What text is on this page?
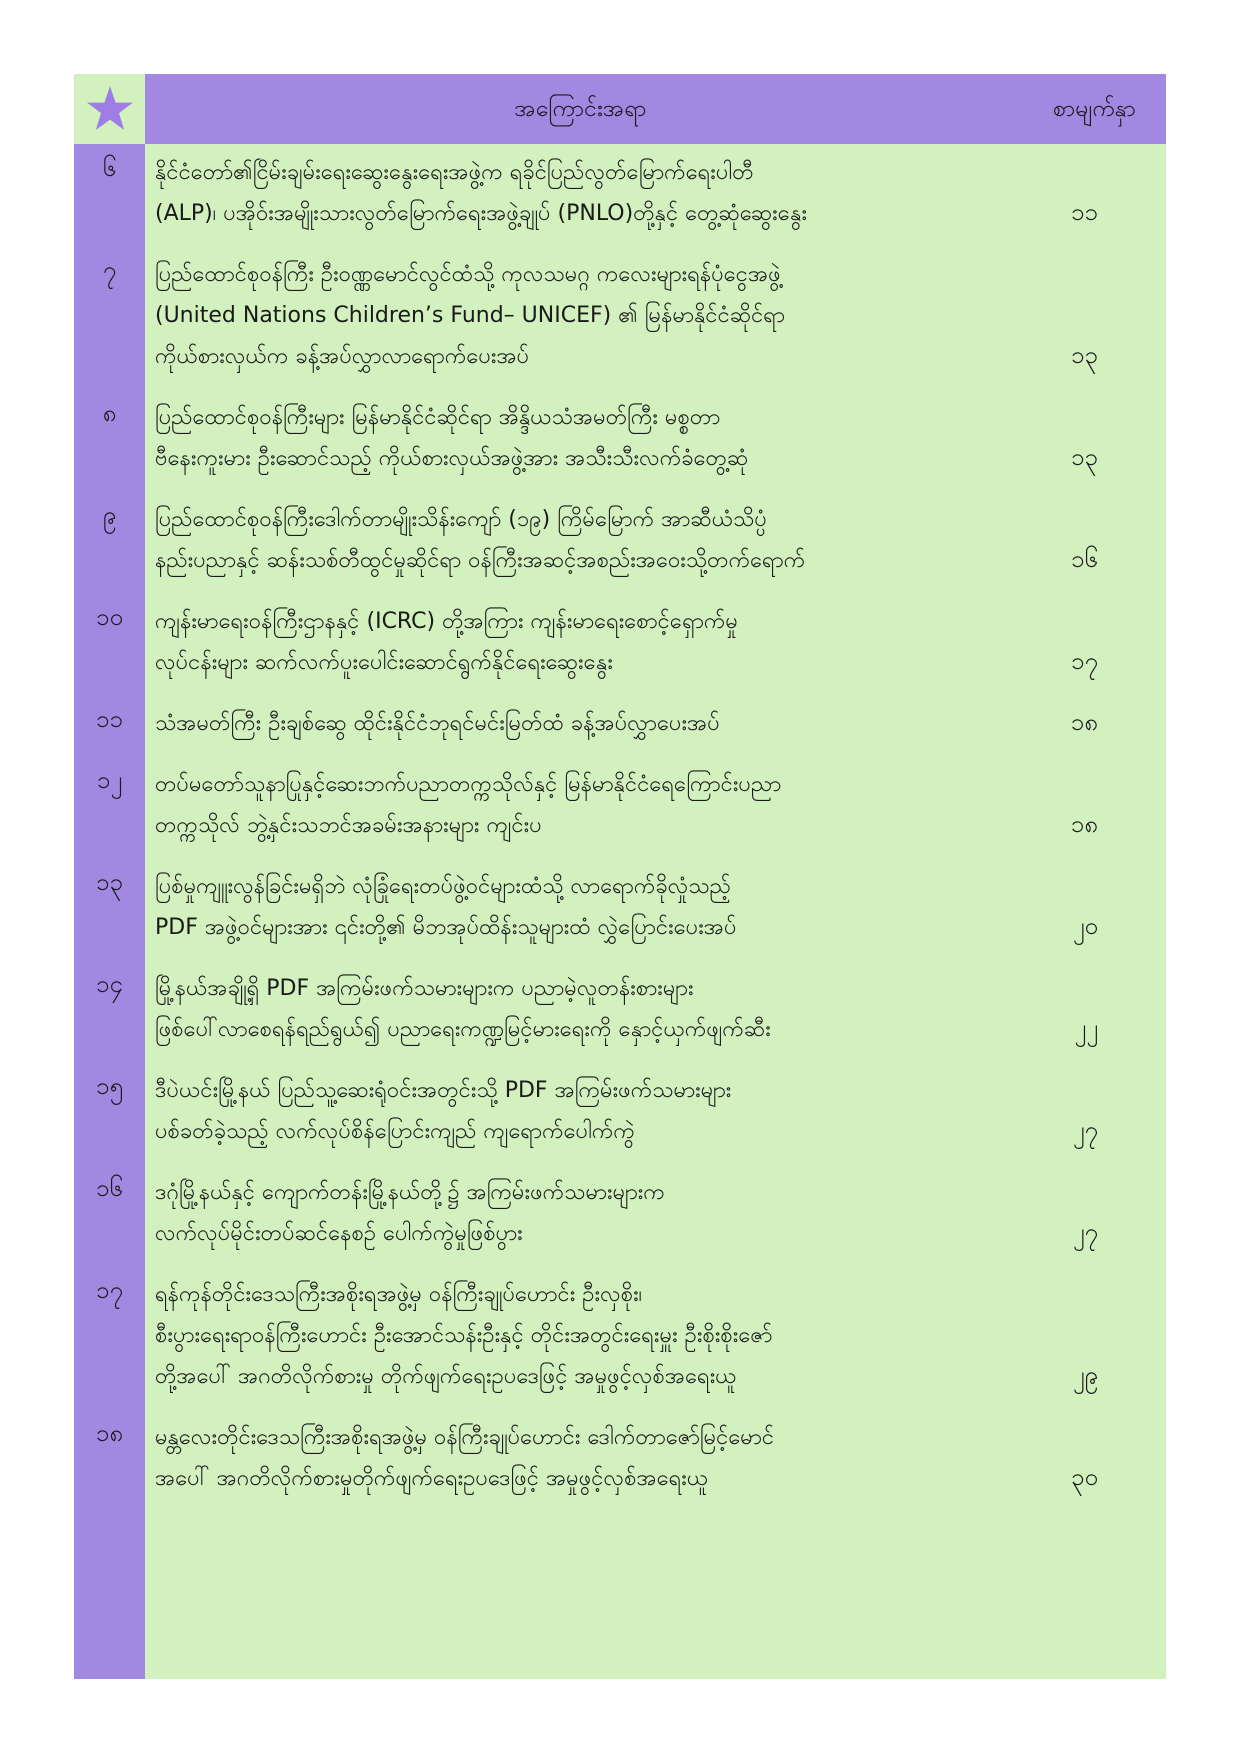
အကြောင်းအရာ	စာမျက်နှာ
၆	နိုင်ငံတော်၏ငြိမ်းချမ်းရေးဆွေးနွေးရေးအဖွဲ့က ရခိုင်ပြည်လွတ်မြောက်ရေးပါတီ
(ALP)၊ ပအိုဝ်းအမျိုးသားလွတ်မြောက်ရေးအဖွဲ့ချုပ် (PNLO)တို့နှင့် တွေ့ဆုံဆွေးနွေး	၁၁
၇	ပြည်ထောင်စုဝန်ကြီး ဦးဝဏ္ဏမောင်လွင်ထံသို့ ကုလသမဂ္ဂ ကလေးများရန်ပုံငွေအဖွဲ့
(United Nations Children’s Fund– UNICEF) ၏ မြန်မာနိုင်ငံဆိုင်ရာ
ကိုယ်စားလှယ်က ခန့်အပ်လွှာလာရောက်ပေးအပ်	၁၃
၈	ပြည်ထောင်စုဝန်ကြီးများ မြန်မာနိုင်ငံဆိုင်ရာ အိန္ဒိယသံအမတ်ကြီး မစ္စတာ
ဗီနေးကူးမား ဦးဆောင်သည့် ကိုယ်စားလှယ်အဖွဲ့အား အသီးသီးလက်ခံတွေ့ဆုံ	၁၃
၉	ပြည်ထောင်စုဝန်ကြီးဒေါက်တာမျိုးသိန်းကျော် (၁၉) ကြိမ်မြောက် အာဆီယံသိပ္ပံ
နည်းပညာနှင့် ဆန်းသစ်တီထွင်မှုဆိုင်ရာ ဝန်ကြီးအဆင့်အစည်းအဝေးသို့တက်ရောက်	၁၆
၁၀	ကျန်းမာရေးဝန်ကြီးဌာနနှင့် (ICRC) တို့အကြား ကျန်းမာရေးစောင့်ရှောက်မှု
လုပ်ငန်းများ ဆက်လက်ပူးပေါင်းဆောင်ရွက်နိုင်ရေးဆွေးနွေး	၁၇
၁၁	သံအမတ်ကြီး ဦးချစ်ဆွေ ထိုင်းနိုင်ငံဘုရင်မင်းမြတ်ထံ ခန့်အပ်လွှာပေးအပ်	၁၈
၁၂	တပ်မတော်သူနာပြုနှင့်ဆေးဘက်ပညာတက္ကသိုလ်နှင့် မြန်မာနိုင်ငံရေကြောင်းပညာ
တက္ကသိုလ် ဘွဲ့နှင်းသဘင်အခမ်းအနားများ ကျင်းပ	၁၈
၁၃	ပြစ်မှုကျူးလွန်ခြင်းမရှိဘဲ လုံခြုံရေးတပ်ဖွဲ့ဝင်များထံသို့ လာရောက်ခိုလှုံသည့်
PDF အဖွဲ့ဝင်များအား ၎င်းတို့၏ မိဘအုပ်ထိန်းသူများထံ လွှဲပြောင်းပေးအပ်	၂၀
၁၄	မြို့နယ်အချို့ရှိ PDF အကြမ်းဖက်သမားများက ပညာမဲ့လူတန်းစားများ
ဖြစ်ပေါ်လာစေရန်ရည်ရွယ်၍ ပညာရေးကဏ္ဍမြင့်မားရေးကို နှောင့်ယှက်ဖျက်ဆီး	၂၂
၁၅	ဒီပဲယင်းမြို့နယ် ပြည်သူ့ဆေးရုံဝင်းအတွင်းသို့ PDF အကြမ်းဖက်သမားများ
ပစ်ခတ်ခဲ့သည့် လက်လုပ်စိန်ပြောင်းကျည် ကျရောက်ပေါက်ကွဲ	၂၇
၁၆	ဒဂုံမြို့နယ်နှင့် ကျောက်တန်းမြို့နယ်တို့၌ အကြမ်းဖက်သမားများက
လက်လုပ်မိုင်းတပ်ဆင်နေစဉ် ပေါက်ကွဲမှုဖြစ်ပွား	၂၇
၁၇	ရန်ကုန်တိုင်းဒေသကြီးအစိုးရအဖွဲ့မှ ဝန်ကြီးချုပ်ဟောင်း ဦးလှစိုး၊
စီးပွားရေးရာဝန်ကြီးဟောင်း ဦးအောင်သန်းဦးနှင့် တိုင်းအတွင်းရေးမှူး ဦးစိုးစိုးဇော်
တို့အပေါ် အဂတိလိုက်စားမှု တိုက်ဖျက်ရေးဥပဒေဖြင့် အမှုဖွင့်လှစ်အရေးယူ	၂၉
၁၈	မန္တလေးတိုင်းဒေသကြီးအစိုးရအဖွဲ့မှ ဝန်ကြီးချုပ်ဟောင်း ဒေါက်တာဇော်မြင့်မောင်
အပေါ် အဂတိလိုက်စားမှုတိုက်ဖျက်ရေးဥပဒေဖြင့် အမှုဖွင့်လှစ်အရေးယူ	၃၀
